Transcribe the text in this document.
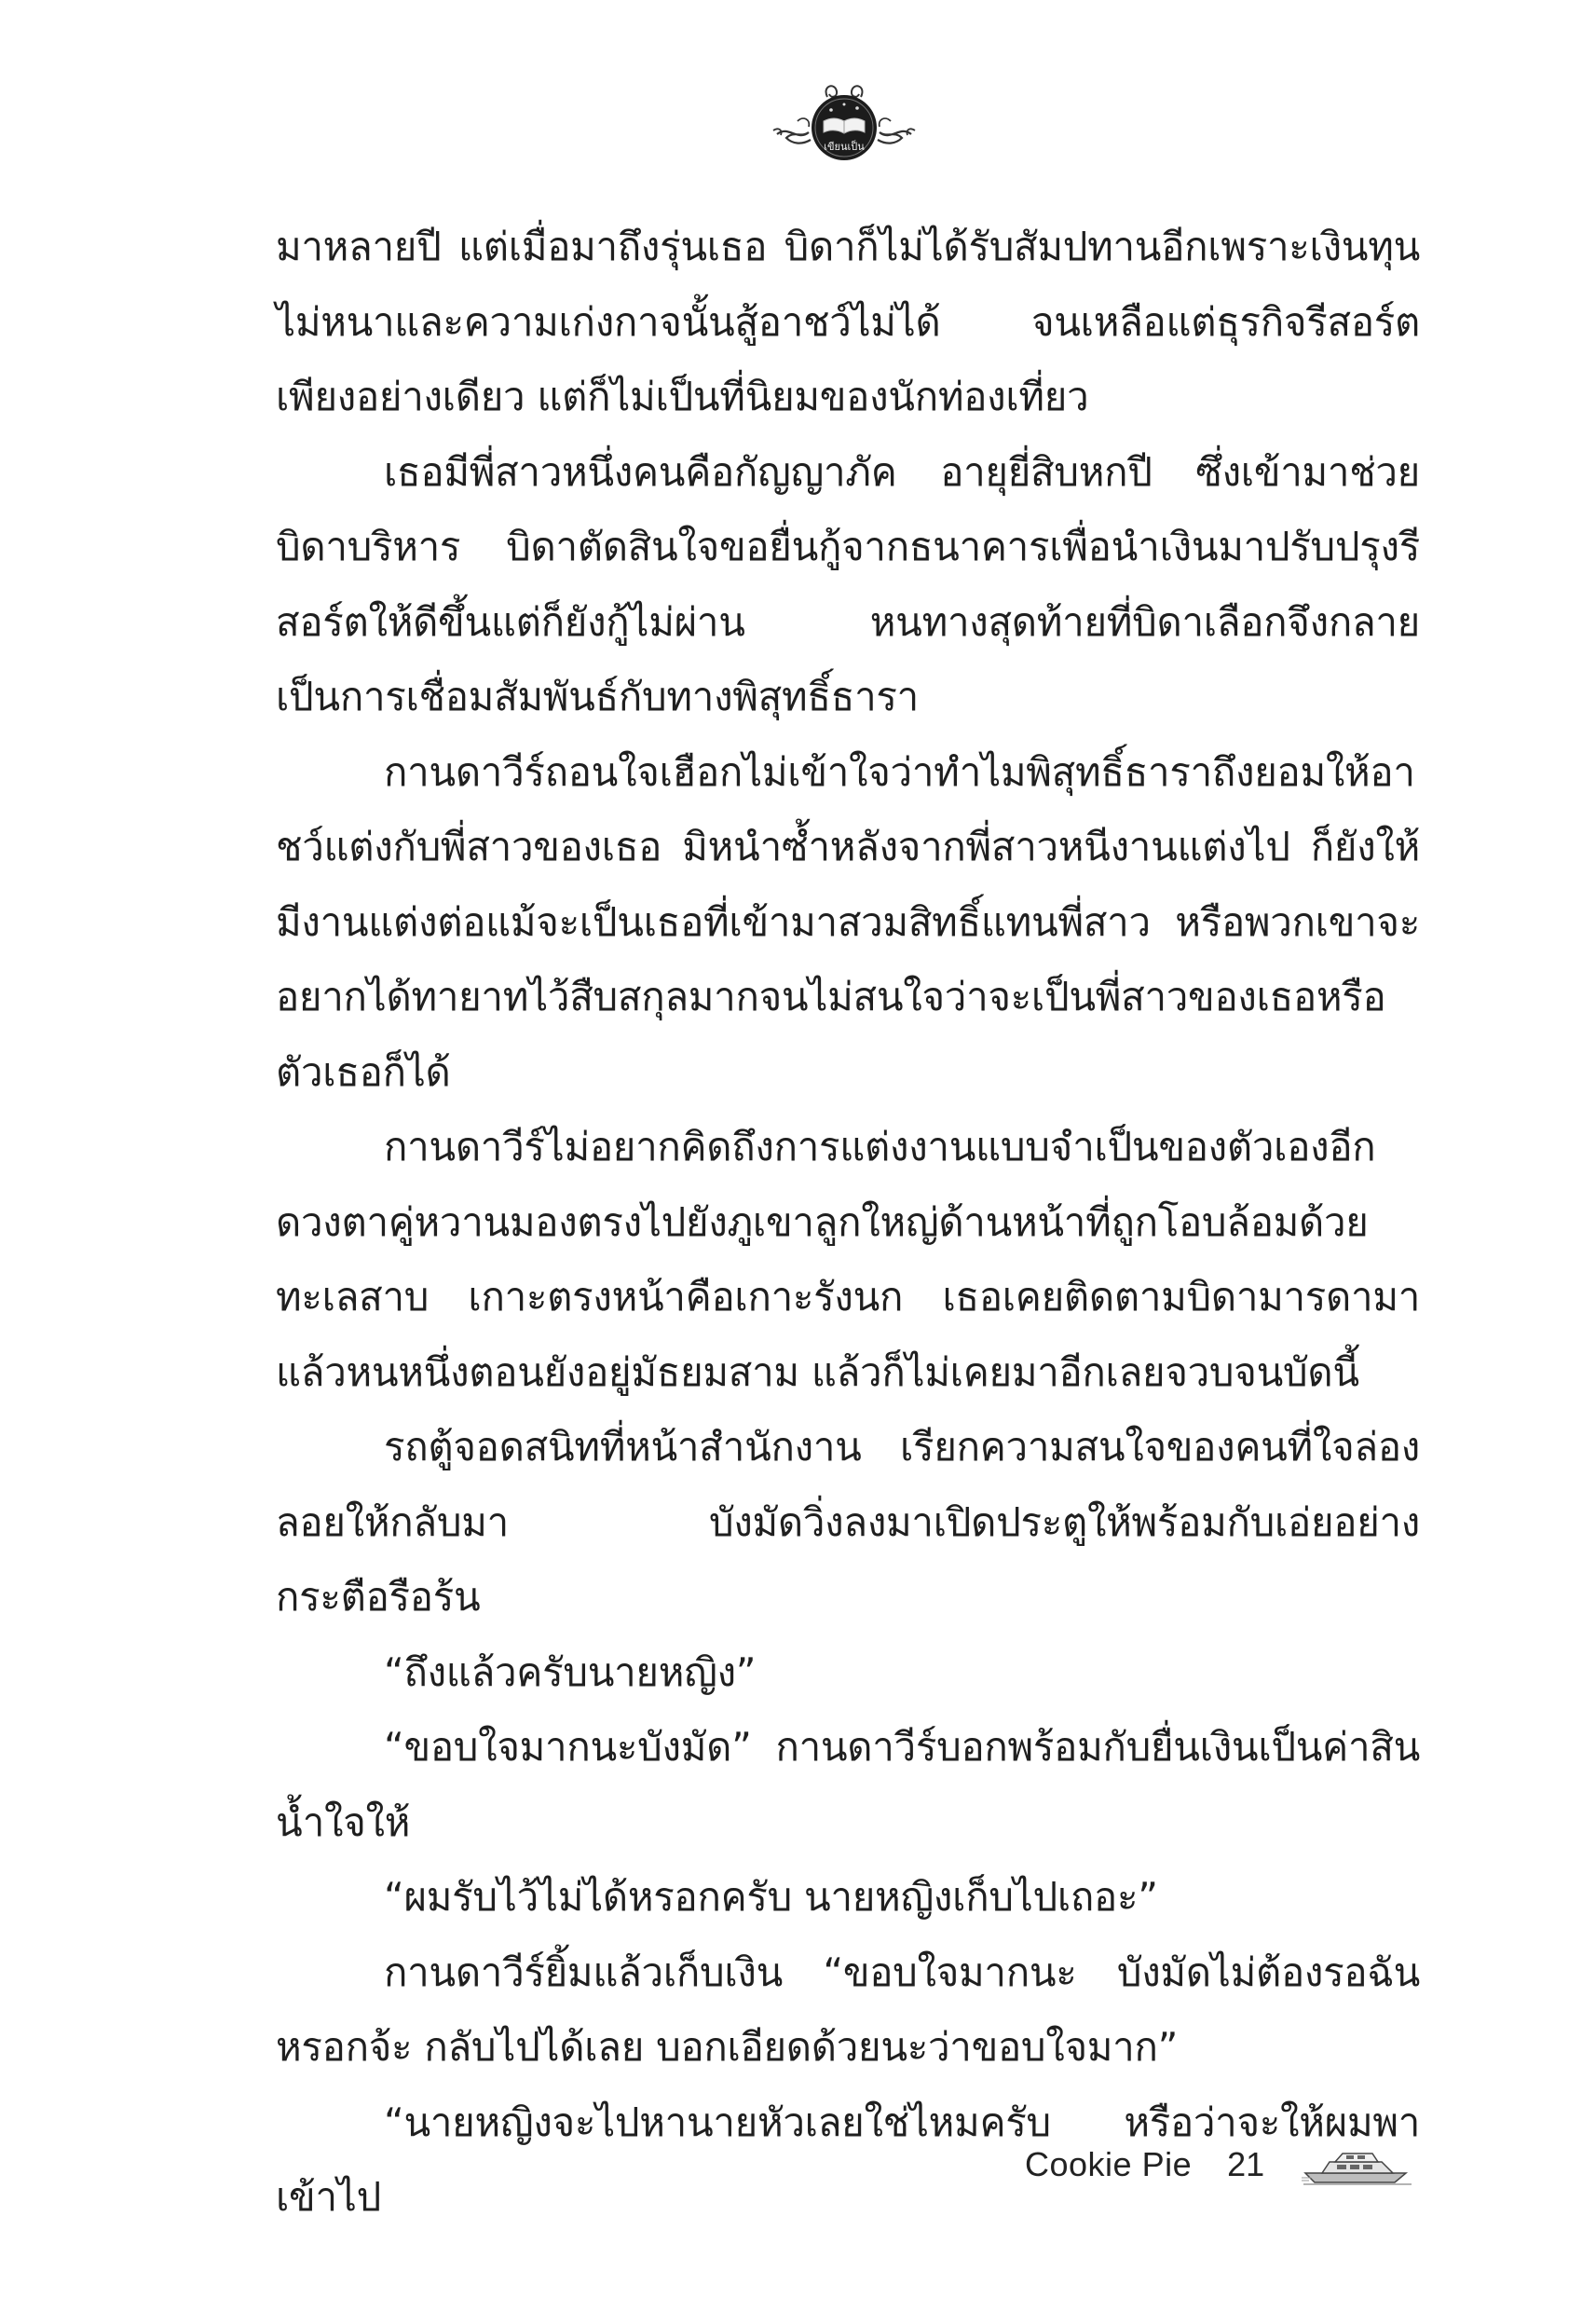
เขียนเป็น

มาหลายปี แต่เมื่อมาถึงรุ่นเธอ บิดาก็ไม่ได้รับสัมปทานอีกเพราะเงินทุนไม่หนาและความเก่งกาจนั้นสู้อาชว์ไม่ได้ จนเหลือแต่ธุรกิจรีสอร์ตเพียงอย่างเดียว แต่ก็ไม่เป็นที่นิยมของนักท่องเที่ยว

เธอมีพี่สาวหนึ่งคนคือกัญญาภัค อายุยี่สิบหกปี ซึ่งเข้ามาช่วยบิดาบริหาร บิดาตัดสินใจขอยื่นกู้จากธนาคารเพื่อนำเงินมาปรับปรุงรีสอร์ตให้ดีขึ้นแต่ก็ยังกู้ไม่ผ่าน หนทางสุดท้ายที่บิดาเลือกจึงกลายเป็นการเชื่อมสัมพันธ์กับทางพิสุทธิ์ธารา

กานดาวีร์ถอนใจเฮือกไม่เข้าใจว่าทำไมพิสุทธิ์ธาราถึงยอมให้อาชว์แต่งกับพี่สาวของเธอ มิหนำซ้ำหลังจากพี่สาวหนีงานแต่งไป ก็ยังให้มีงานแต่งต่อแม้จะเป็นเธอที่เข้ามาสวมสิทธิ์แทนพี่สาว หรือพวกเขาจะอยากได้ทายาทไว้สืบสกุลมากจนไม่สนใจว่าจะเป็นพี่สาวของเธอหรือตัวเธอก็ได้

กานดาวีร์ไม่อยากคิดถึงการแต่งงานแบบจำเป็นของตัวเองอีก ดวงตาคู่หวานมองตรงไปยังภูเขาลูกใหญ่ด้านหน้าที่ถูกโอบล้อมด้วยทะเลสาบ เกาะตรงหน้าคือเกาะรังนก เธอเคยติดตามบิดามารดามาแล้วหนหนึ่งตอนยังอยู่มัธยมสาม แล้วก็ไม่เคยมาอีกเลยจวบจนบัดนี้

รถตู้จอดสนิทที่หน้าสำนักงาน เรียกความสนใจของคนที่ใจล่องลอยให้กลับมา บังมัดวิ่งลงมาเปิดประตูให้พร้อมกับเอ่ยอย่างกระตือรือร้น

“ถึงแล้วครับนายหญิง”

“ขอบใจมากนะบังมัด” กานดาวีร์บอกพร้อมกับยื่นเงินเป็นค่าสินน้ำใจให้

“ผมรับไว้ไม่ได้หรอกครับ นายหญิงเก็บไปเถอะ”

กานดาวีร์ยิ้มแล้วเก็บเงิน “ขอบใจมากนะ บังมัดไม่ต้องรอฉันหรอกจ้ะ กลับไปได้เลย บอกเอียดด้วยนะว่าขอบใจมาก”

“นายหญิงจะไปหานายหัวเลยใช่ไหมครับ หรือว่าจะให้ผมพาเข้าไป

Cookie Pie 21
